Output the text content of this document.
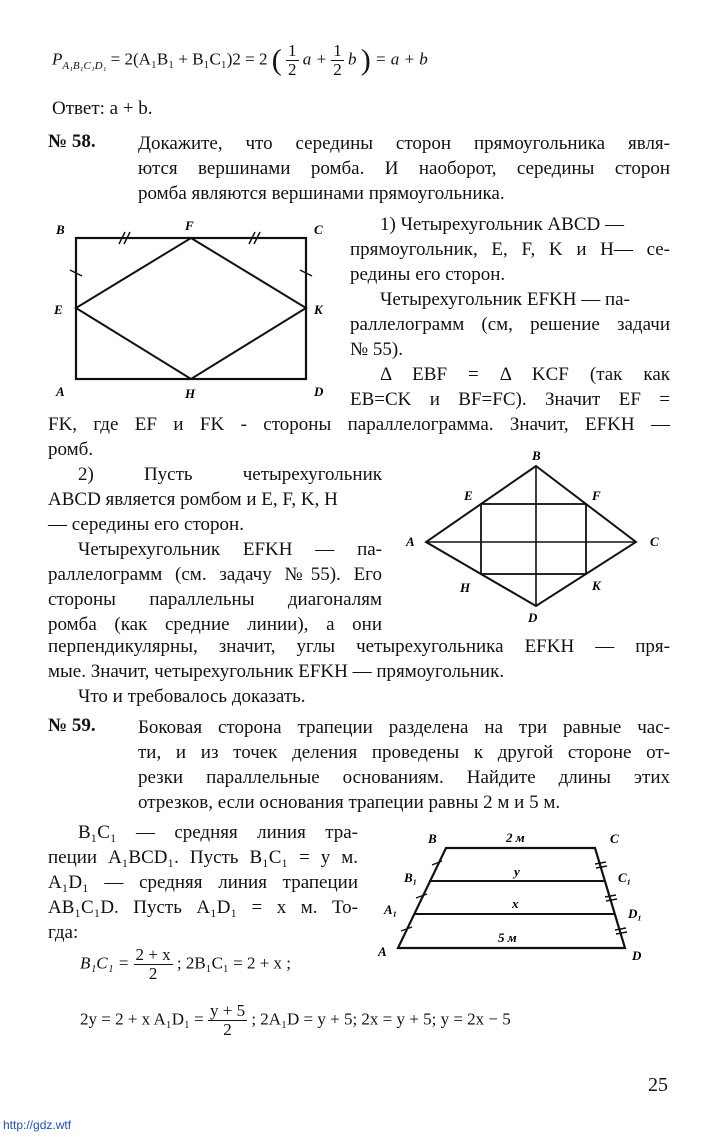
$P_{A_1B_1C_1D_1} = 2(A_1B_1 + B_1C_1)2 = 2$ ( $\frac{1}{2}$ $a + \frac{1}{2}$ b ) = a + b
Ответ: a + b.
№ 58. Докажите, что середины сторон прямоугольника явля-
ются вершинами ромба. И наоборот, середины сторон
ромба являются вершинами прямоугольника.
B	F	C
E	K
A	H	D
1) Четырехугольник ABCD —
прямоугольник, E, F, K и H— се-
редины его сторон.
Четырехугольник EFKH — па-
раллелограмм (см, решение задачи
№ 55).
Δ EBF = Δ KCF (так как
EB=CK и BF=FC). Значит EF =
FK, где EF и FK - стороны параллелограмма. Значит, EFKH —
ромб.
2) Пусть четырехугольник
ABCD является ромбом и E, F, K, H
— середины его сторон.
Четырехугольник EFKH — па-
раллелограмм (см. задачу №55). Его
стороны параллельны диагоналям
ромба (как средние линии), а они
B
E	F
A	C
H	K
D
перпендикулярны, значит, углы четырехугольника EFKH — пря-
мые. Значит, четырехугольник EFKH — прямоугольник.
Что и требовалось доказать.
№ 59. Боковая сторона трапеции разделена на три равные час-
ти, и из точек деления проведены к другой стороне от-
резки параллельные основаниям. Найдите длины этих
отрезков, если основания трапеции равны 2 м и 5 м.
B₁C₁ — средняя линия тра-
пеции A₁BCD₁. Пусть B₁C₁ = y м.
A₁D₁ — средняя линия трапеции
AB₁C₁D. Пусть A₁D₁ = x м. То-
гда:
B	2 м	C
B₁	y	C₁
A₁	x
D₁
5 м
A	D
$B_1C_1 = \frac{2 + x}{2}$ ; 2B₁C₁ = 2 + x ;
2y = 2 + x $A_1D_1 = \frac{y + 5}{2}$ ; 2A₁D = y + 5; 2x = y + 5; y = 2x − 5
25
http://gdz.wtf
